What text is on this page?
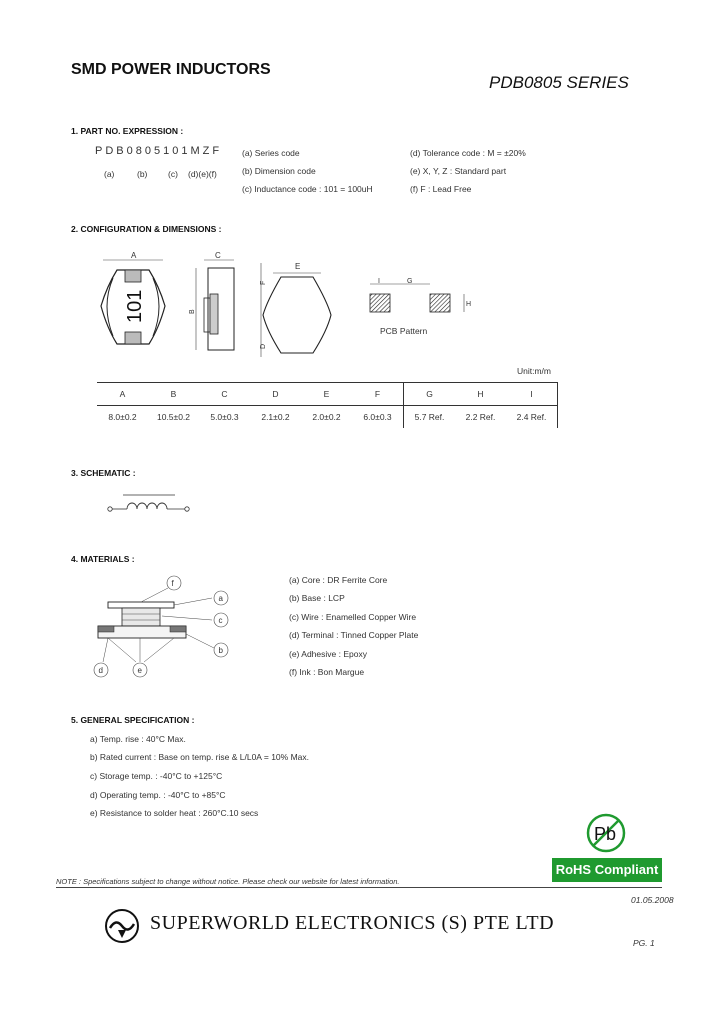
SMD POWER INDUCTORS
PDB0805 SERIES
1. PART NO. EXPRESSION :
PDB0805101MZF
(a)	(b) (c) (d)(e)(f)
(a) Series code
(b) Dimension code
(c) Inductance code : 101 = 100uH
(d) Tolerance code : M = ±20%
(e) X, Y, Z : Standard part
(f) F : Lead Free
2. CONFIGURATION & DIMENSIONS :
A
101
C
B
E
F
D
I	G
H
PCB Pattern
Unit:m/m
A	B	C	D	E	F	G	H	I
8.0±0.2	10.5±0.2	5.0±0.3	2.1±0.2	2.0±0.2	6.0±0.3	5.7 Ref.	2.2 Ref.	2.4 Ref.
3. SCHEMATIC :
4. MATERIALS :
f
a
c
b
d	e
(a) Core : DR Ferrite Core
(b) Base : LCP
(c) Wire : Enamelled Copper Wire
(d) Terminal : Tinned Copper Plate
(e) Adhesive : Epoxy
(f) Ink : Bon Margue
5. GENERAL SPECIFICATION :
a) Temp. rise : 40°C Max.
b) Rated current : Base on temp. rise & L/L0A = 10% Max.
c) Storage temp. : -40°C to +125°C
d) Operating temp. : -40°C to +85°C
e) Resistance to solder heat : 260°C.10 secs
Pb
RoHS Compliant
NOTE : Specifications subject to change without notice. Please check our website for latest information.
01.05.2008
SUPERWORLD ELECTRONICS (S) PTE LTD
PG. 1
